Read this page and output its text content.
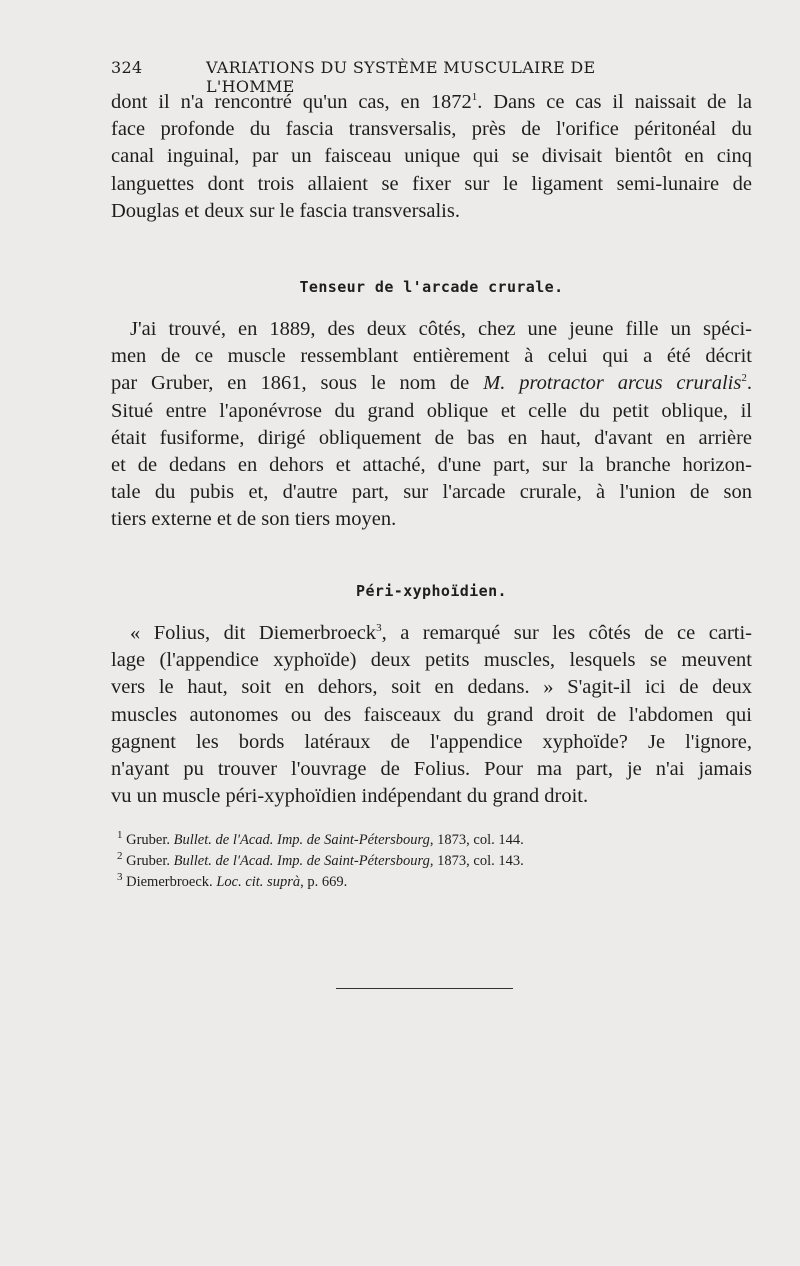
324	VARIATIONS DU SYSTÈME MUSCULAIRE DE L'HOMME

dont il n'a rencontré qu'un cas, en 1872$^1$. Dans ce cas il naissait de la

face profonde du fascia transversalis, près de l'orifice péritonéal du

canal inguinal, par un faisceau unique qui se divisait bientôt en cinq

languettes dont trois allaient se fixer sur le ligament semi-lunaire de

Douglas et deux sur le fascia transversalis.

Tenseur de l'arcade crurale.

J'ai trouvé, en 1889, des deux côtés, chez une jeune fille un spéci-

men de ce muscle ressemblant entièrement à celui qui a été décrit

par Gruber, en 1861, sous le nom de M. protractor arcus cruralis$^2$.

Situé entre l'aponévrose du grand oblique et celle du petit oblique, il

était fusiforme, dirigé obliquement de bas en haut, d'avant en arrière

et de dedans en dehors et attaché, d'une part, sur la branche horizon-

tale du pubis et, d'autre part, sur l'arcade crurale, à l'union de son

tiers externe et de son tiers moyen.

Péri-xyphoïdien.

« Folius, dit Diemerbroeck$^3$, a remarqué sur les côtés de ce carti-

lage (l'appendice xyphoïde) deux petits muscles, lesquels se meuvent

vers le haut, soit en dehors, soit en dedans. » S'agit-il ici de deux

muscles autonomes ou des faisceaux du grand droit de l'abdomen qui

gagnent les bords latéraux de l'appendice xyphoïde? Je l'ignore,

n'ayant pu trouver l'ouvrage de Folius. Pour ma part, je n'ai jamais

vu un muscle péri-xyphoïdien indépendant du grand droit.

$^1$ Gruber. Bullet. de l'Acad. Imp. de Saint-Pétersbourg, 1873, col. 144.
$^2$ Gruber. Bullet. de l'Acad. Imp. de Saint-Pétersbourg, 1873, col. 143.
$^3$ Diemerbroeck. Loc. cit. suprà, p. 669.
